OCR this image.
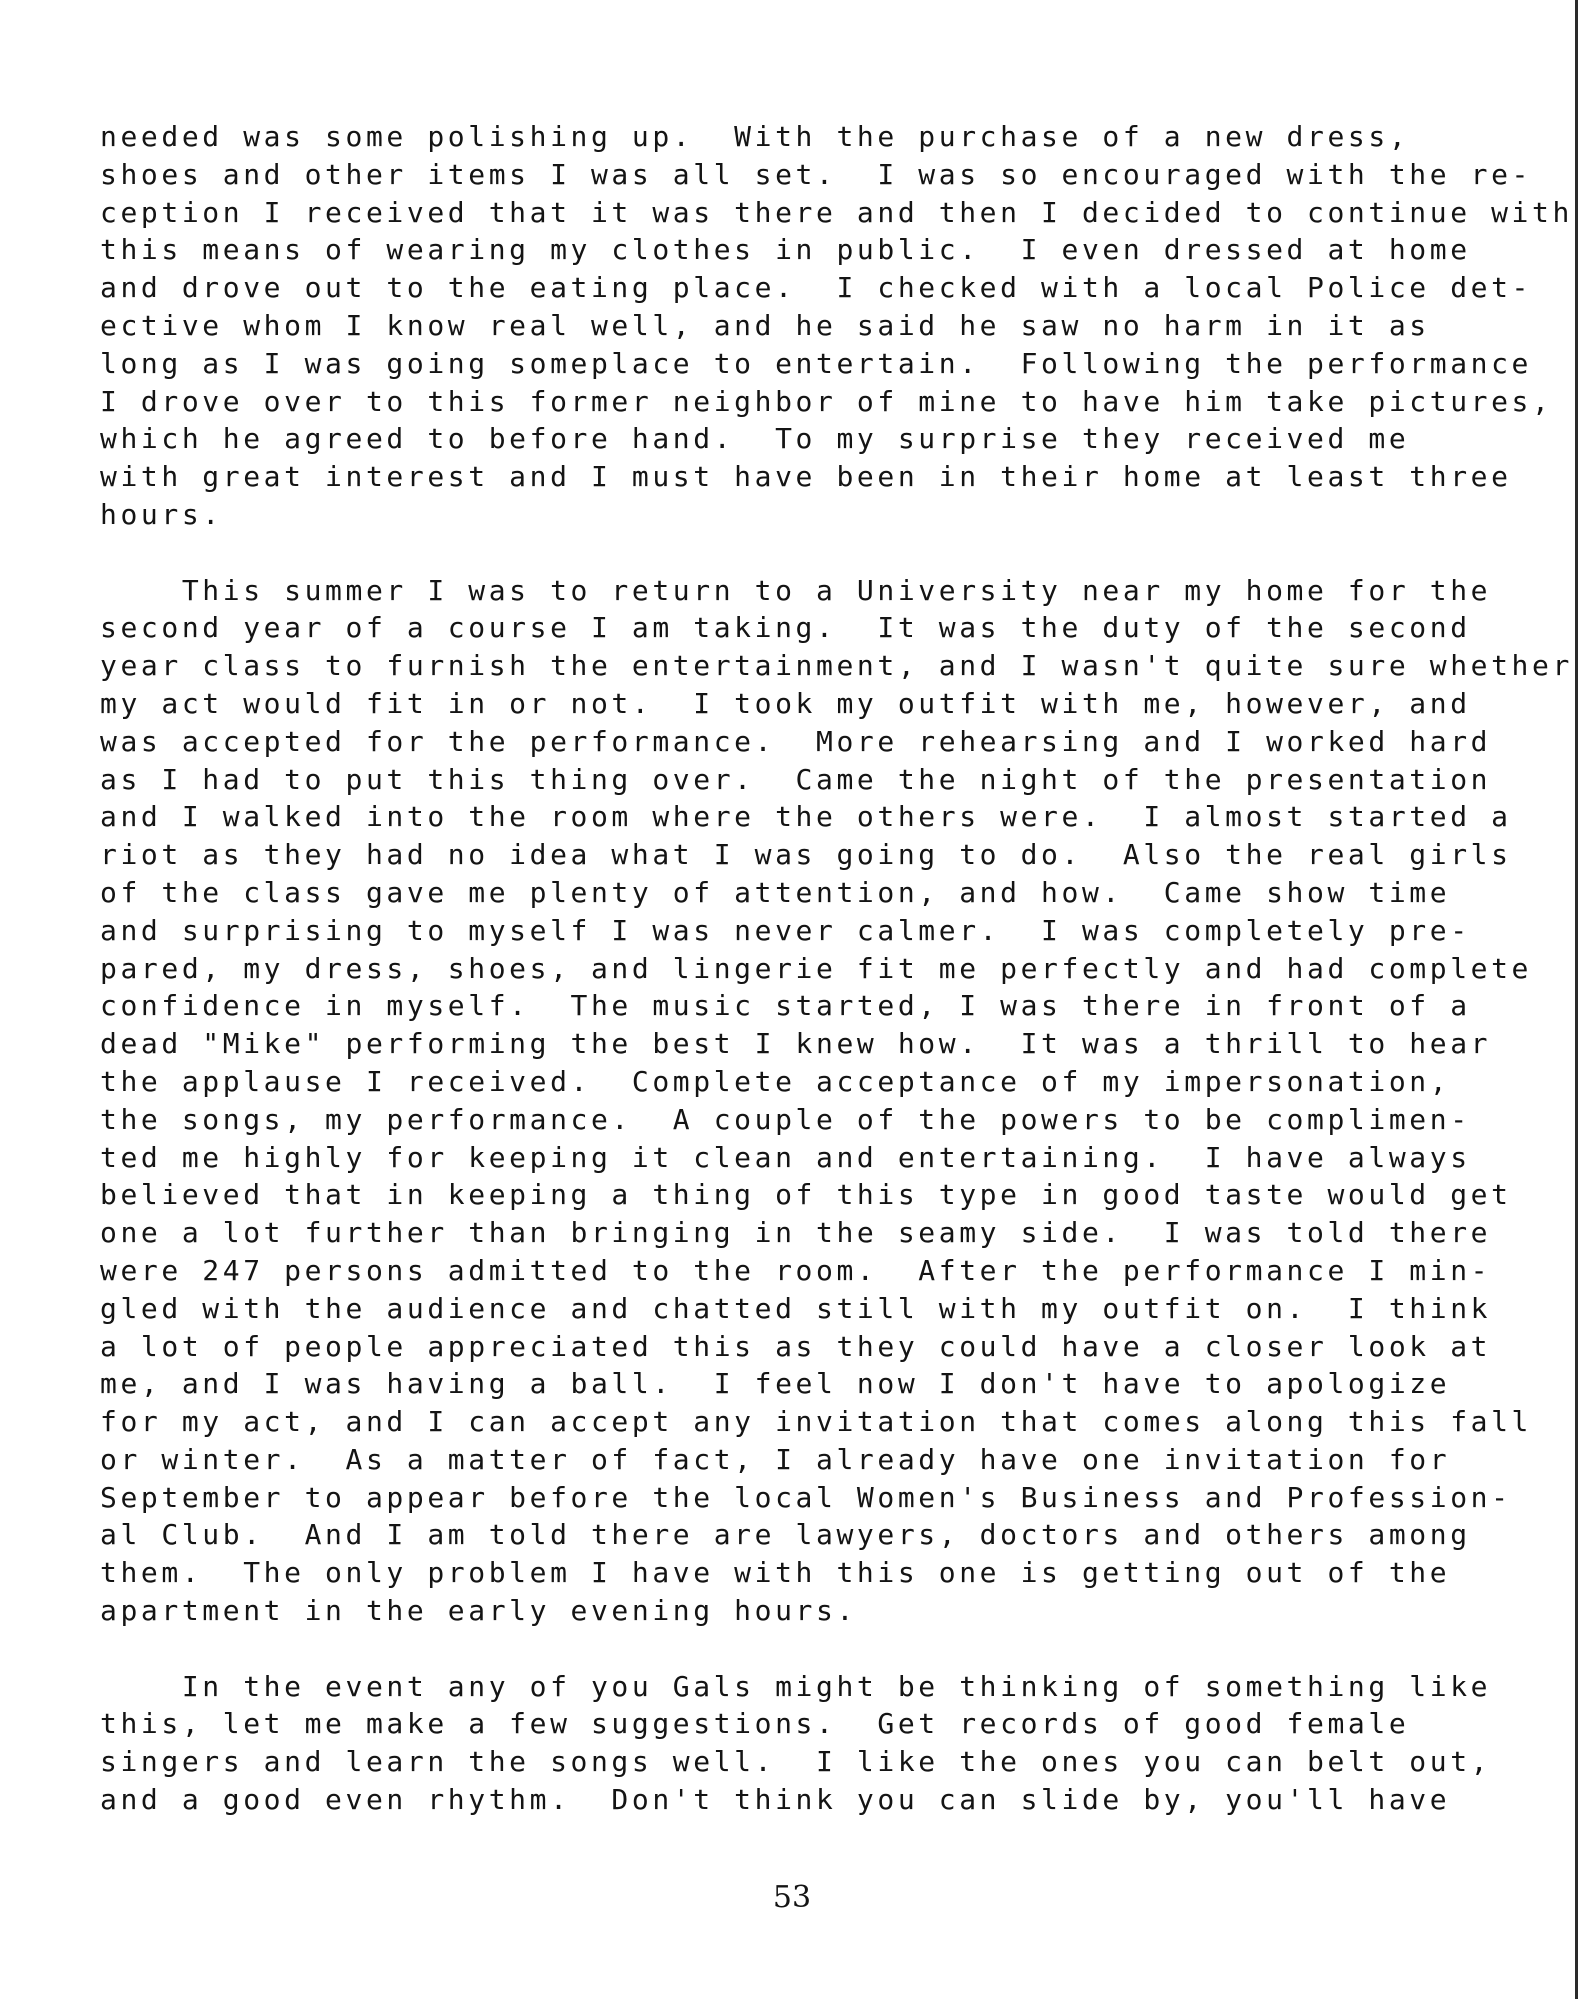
needed was some polishing up.  With the purchase of a new dress,
shoes and other items I was all set.  I was so encouraged with the re-
ception I received that it was there and then I decided to continue with
this means of wearing my clothes in public.  I even dressed at home
and drove out to the eating place.  I checked with a local Police det-
ective whom I know real well, and he said he saw no harm in it as
long as I was going someplace to entertain.  Following the performance
I drove over to this former neighbor of mine to have him take pictures,
which he agreed to before hand.  To my surprise they received me
with great interest and I must have been in their home at least three
hours.
This summer I was to return to a University near my home for the
second year of a course I am taking.  It was the duty of the second
year class to furnish the entertainment, and I wasn't quite sure whether
my act would fit in or not.  I took my outfit with me, however, and
was accepted for the performance.  More rehearsing and I worked hard
as I had to put this thing over.  Came the night of the presentation
and I walked into the room where the others were.  I almost started a
riot as they had no idea what I was going to do.  Also the real girls
of the class gave me plenty of attention, and how.  Came show time
and surprising to myself I was never calmer.  I was completely pre-
pared, my dress, shoes, and lingerie fit me perfectly and had complete
confidence in myself.  The music started, I was there in front of a
dead "Mike" performing the best I knew how.  It was a thrill to hear
the applause I received.  Complete acceptance of my impersonation,
the songs, my performance.  A couple of the powers to be complimen-
ted me highly for keeping it clean and entertaining.  I have always
believed that in keeping a thing of this type in good taste would get
one a lot further than bringing in the seamy side.  I was told there
were 247 persons admitted to the room.  After the performance I min-
gled with the audience and chatted still with my outfit on.  I think
a lot of people appreciated this as they could have a closer look at
me, and I was having a ball.  I feel now I don't have to apologize
for my act, and I can accept any invitation that comes along this fall
or winter.  As a matter of fact, I already have one invitation for
September to appear before the local Women's Business and Profession-
al Club.  And I am told there are lawyers, doctors and others among
them.  The only problem I have with this one is getting out of the
apartment in the early evening hours.
In the event any of you Gals might be thinking of something like
this, let me make a few suggestions.  Get records of good female
singers and learn the songs well.  I like the ones you can belt out,
and a good even rhythm.  Don't think you can slide by, you'll have
53
